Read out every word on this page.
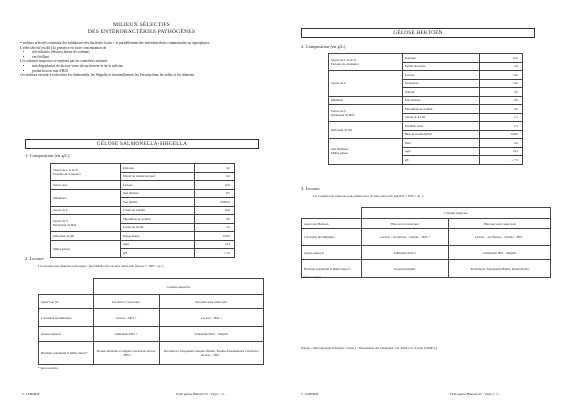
MILIEUX SÉLECTIFS
DES ENTÉROBACTÉRIES PATHOGÈNES
= milieux sélectifs contenant des inhibiteurs des bactéries Gram + et partiellement des entérobactéries commensales ou saprophytes.
L'effet sélectif est dû à la présence en forte concentration de
• sels biliaires (désoxycholate de sodium)
• vert brillant
Les colonies suspectes se repèrent par les caractères suivants
• non dégradation du lactose voire du saccharose et de la salicine
• production ou non d'H2S
Ces milieux servent à rechercher les Salmonella, les Shigella et éventuellement les Yersinia dans les selles et les aliments.
GÉLOSE SALMONELLA-SHIGELLA
1. Composition (en g/L)
Source de C et de N
Facteurs de croissance	Peptones	5,0
	Extrait de viande de bœuf	5,0

Source de C	Lactose	10,0

Inhibiteurs	Sels biliaires	8,5
	Vert brillant	0,00033

Source de C	Citrate de sodium	10,0

Source de S
Révélateur de H2S	Thiosulfate de sodium	8,5
	Citrate de fer III	1,0

Indicateur de pH	Rouge neutre	0,025

Milieu gélosé	Agar	13,5
	pH	= 7,0
2. Lecture
Les colonies non suspectes sont rouges ; mes flanche avec ou sans centre noir (lactose +, H2S + ou -).
	Colonies suspectes	
Aspect sur SS	Incolores à centre noir	Incolores sans centre noir
Caractères biochimiques	Lactose – H2S +	Lactose – H2S –
Genres suspects	Salmonella H2S +	Salmonella H2S – Shigella
Bactéries présentant le même aspect*	Proteus mirabilis et vulgaris Citrobacter lactose –, H2S +	Providencia, Morganella Serratia, Hafnia, Yersinia Pseudomonas Citrobacter lactose –, H2S –
* Selon souches
C. LABORIE	Fiche gélose Hektoen SS – Page 1 / 2 –
GÉLOSE HEKTOEN
2. Composition (en g/L)
Source de C et de N
Facteurs de croissance	Peptones	12,0
	Extrait de levure	3,0

Source de C	Lactose	12,0
	Saccharose	12,0
	Salicine	2,0

Inhibiteur	Sels biliaires	9,0

Source de S
Révélateur de H2S	Thiosulfate de sodium	5,0
	Citrate de fer III	1,5

Indicateur de pH	Fuschine acide	0,1
	Bleu de bromothymol	0,065

Sels minéraux
Milieu gélosé	NaCl	5,0
	Agar	13,5
	pH	= 7,5
3. Lecture
Les colonies non suspectes sont saumon avec ou sans centre noir (glucide +, H2S + ou -).
	Colonies suspectes	
Aspect sur Hektoen	Bleu-vert à centre noir	Bleu-vert sans centre noir
Caractères biochimiques	Lactose – saccharose – salicine – H2S +	Lactose – saccharose – salicine – H2S –
Genres suspects	Salmonella H2S +	Salmonella H2S – Shigella
Bactéries présentant le même aspect*	Proteus mirabilis	Providencia, Morganella Hafnia, Pseudomonas
* Selon souches
D'après « Microbiologie technique » Tome 1 : Dictionnaire des techniques, J.N. Joffin et G. Leyral (CRDP A)
C. LABORIE	Fiche gélose Hektoen SS – Page 2 / 2 –
